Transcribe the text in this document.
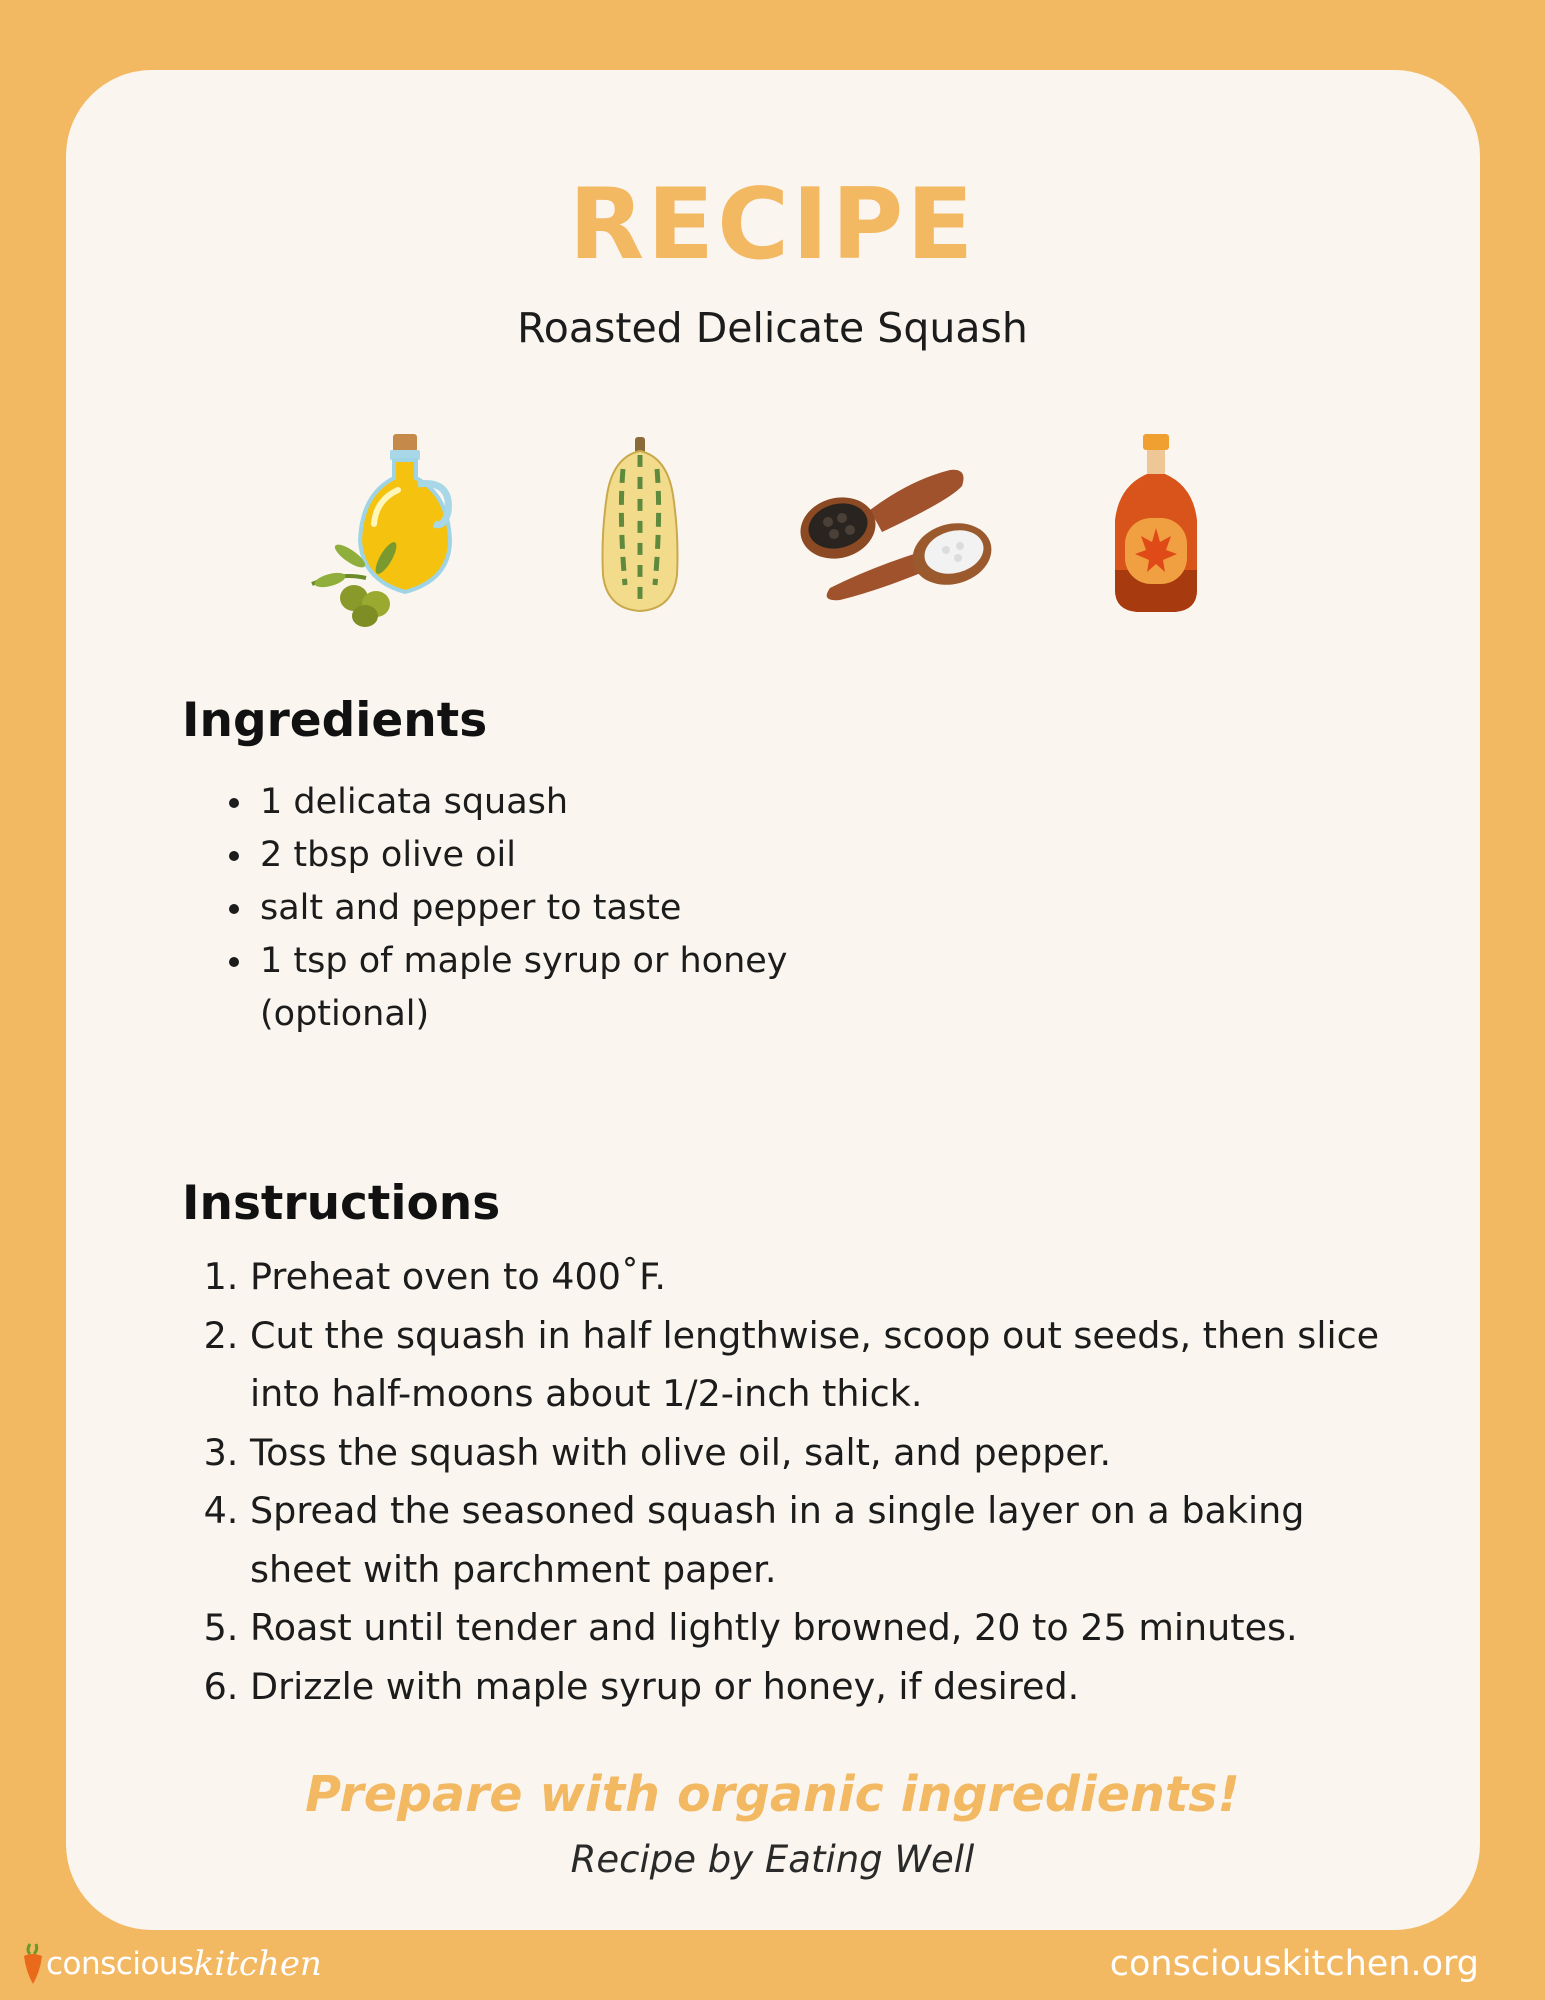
RECIPE
Roasted Delicate Squash
Ingredients
• 1 delicata squash
• 2 tbsp olive oil
• salt and pepper to taste
• 1 tsp of maple syrup or honey (optional)
Instructions
1. Preheat oven to 400˚F.
2. Cut the squash in half lengthwise, scoop out seeds, then slice into half-moons about 1/2-inch thick.
3. Toss the squash with olive oil, salt, and pepper.
4. Spread the seasoned squash in a single layer on a baking sheet with parchment paper.
5. Roast until tender and lightly browned, 20 to 25 minutes.
6. Drizzle with maple syrup or honey, if desired.
Prepare with organic ingredients!
Recipe by Eating Well
conscious kitchen	consciouskitchen.org
